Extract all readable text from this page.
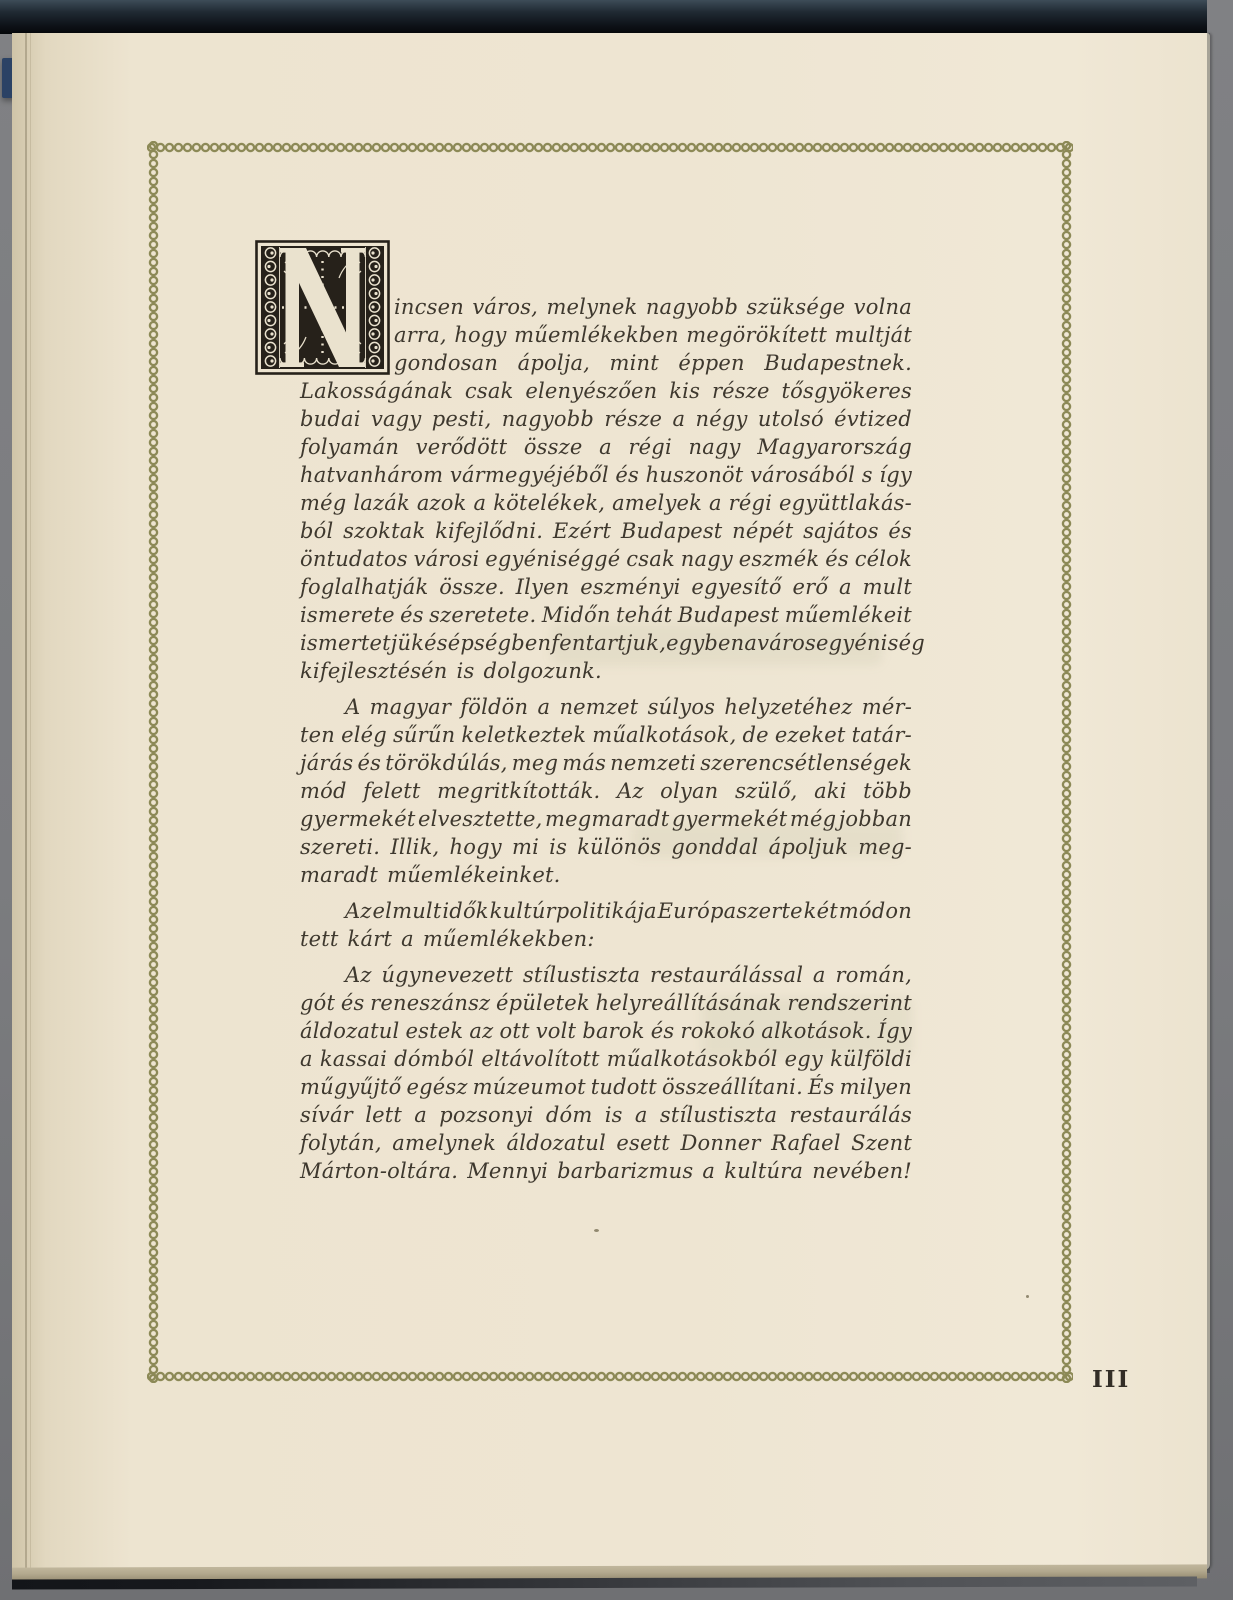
incsen város, melynek nagyobb szüksége volna
arra, hogy műemlékekben megörökített multját
gondosan ápolja, mint éppen Budapestnek.
Lakosságának csak elenyészően kis része tősgyökeres
budai vagy pesti, nagyobb része a négy utolsó évtized
folyamán verődött össze a régi nagy Magyarország
hatvanhárom vármegyéjéből és huszonöt városából s így
még lazák azok a kötelékek, amelyek a régi együttlakás-
ból szoktak kifejlődni. Ezért Budapest népét sajátos és
öntudatos városi egyéniséggé csak nagy eszmék és célok
foglalhatják össze. Ilyen eszményi egyesítő erő a mult
ismerete és szeretete. Midőn tehát Budapest műemlékeit
ismertetjük és épségben fentartjuk, egyben a városegyéniség
kifejlesztésén is dolgozunk.
A magyar földön a nemzet súlyos helyzetéhez mér-
ten elég sűrűn keletkeztek műalkotások, de ezeket tatár-
járás és törökdúlás, meg más nemzeti szerencsétlenségek
mód felett megritkították. Az olyan szülő, aki több
gyermekét elvesztette, megmaradt gyermekét még jobban
szereti. Illik, hogy mi is különös gonddal ápoljuk meg-
maradt műemlékeinket.
Az elmult idők kultúrpolitikája Európaszerte két módon
tett kárt a műemlékekben:
Az úgynevezett stílustiszta restaurálással a román,
gót és reneszánsz épületek helyreállításának rendszerint
áldozatul estek az ott volt barok és rokokó alkotások. Így
a kassai dómból eltávolított műalkotásokból egy külföldi
műgyűjtő egész múzeumot tudott összeállítani. És milyen
sívár lett a pozsonyi dóm is a stílustiszta restaurálás
folytán, amelynek áldozatul esett Donner Rafael Szent
Márton-oltára. Mennyi barbarizmus a kultúra nevében!
III
